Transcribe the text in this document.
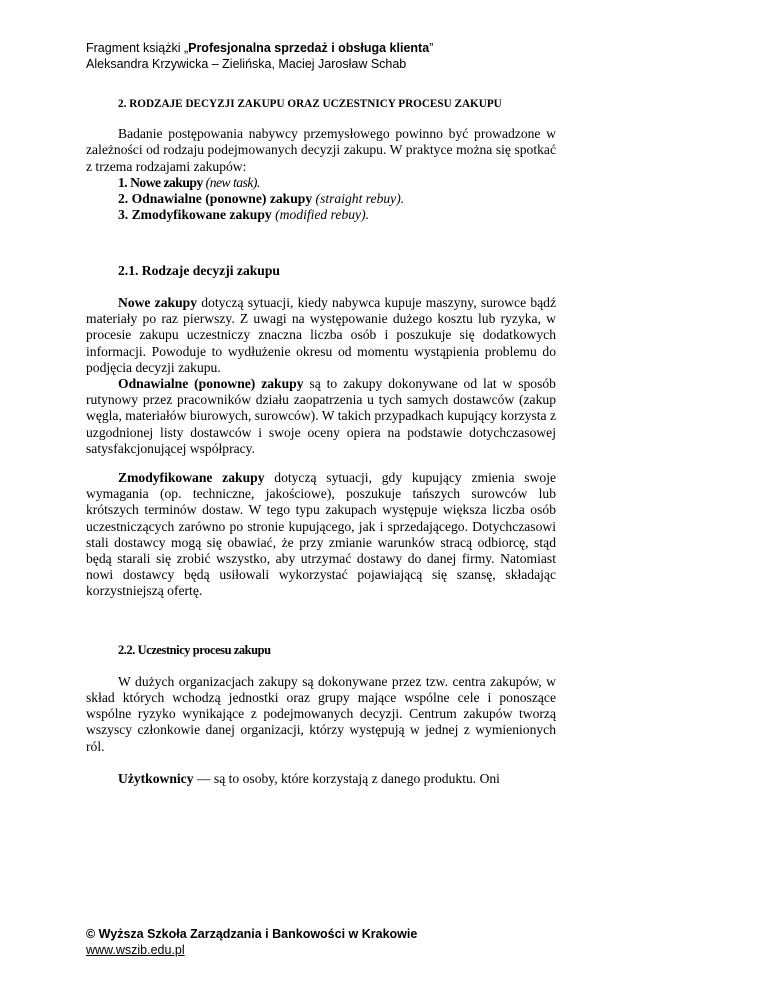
Fragment książki „Profesjonalna sprzedaż i obsługa klienta”
Aleksandra Krzywicka – Zielińska, Maciej Jarosław Schab
2. RODZAJE DECYZJI ZAKUPU ORAZ UCZESTNICY PROCESU ZAKUPU

Badanie postępowania nabywcy przemysłowego powinno być prowadzone w zależności od rodzaju podejmowanych decyzji zakupu. W praktyce można się spotkać z trzema rodzajami zakupów:

1. Nowe zakupy (new task).
2. Odnawialne (ponowne) zakupy (straight rebuy).
3. Zmodyfikowane zakupy (modified rebuy).
2.1. Rodzaje decyzji zakupu

Nowe zakupy dotyczą sytuacji, kiedy nabywca kupuje maszyny, surowce bądź materiały po raz pierwszy. Z uwagi na występowanie dużego kosztu lub ryzyka, w procesie zakupu uczestniczy znaczna liczba osób i poszukuje się dodatkowych informacji. Powoduje to wydłużenie okresu od momentu wystąpienia problemu do podjęcia decyzji zakupu.

Odnawialne (ponowne) zakupy są to zakupy dokonywane od lat w sposób rutynowy przez pracowników działu zaopatrzenia u tych samych dostawców (zakup węgla, materiałów biurowych, surowców). W takich przypadkach kupujący korzysta z uzgodnionej listy dostawców i swoje oceny opiera na podstawie dotychczasowej satysfakcjonującej współpracy.

Zmodyfikowane zakupy dotyczą sytuacji, gdy kupujący zmienia swoje wymagania (op. techniczne, jakościowe), poszukuje tańszych surowców lub krótszych terminów dostaw. W tego typu zakupach występuje większa liczba osób uczestniczących zarówno po stronie kupującego, jak i sprzedającego. Dotychczasowi stali dostawcy mogą się obawiać, że przy zmianie warunków stracą odbiorcę, stąd będą starali się zrobić wszystko, aby utrzymać dostawy do danej firmy. Natomiast nowi dostawcy będą usiłowali wykorzystać pojawiającą się szansę, składając korzystniejszą ofertę.

2.2. Uczestnicy procesu zakupu

W dużych organizacjach zakupy są dokonywane przez tzw. centra zakupów, w skład których wchodzą jednostki oraz grupy mające wspólne cele i ponoszące wspólne ryzyko wynikające z podejmowanych decyzji. Centrum zakupów tworzą wszyscy członkowie danej organizacji, którzy występują w jednej z wymienionych ról.

Użytkownicy — są to osoby, które korzystają z danego produktu. Oni

© Wyższa Szkoła Zarządzania i Bankowości w Krakowie
www.wszib.edu.pl
